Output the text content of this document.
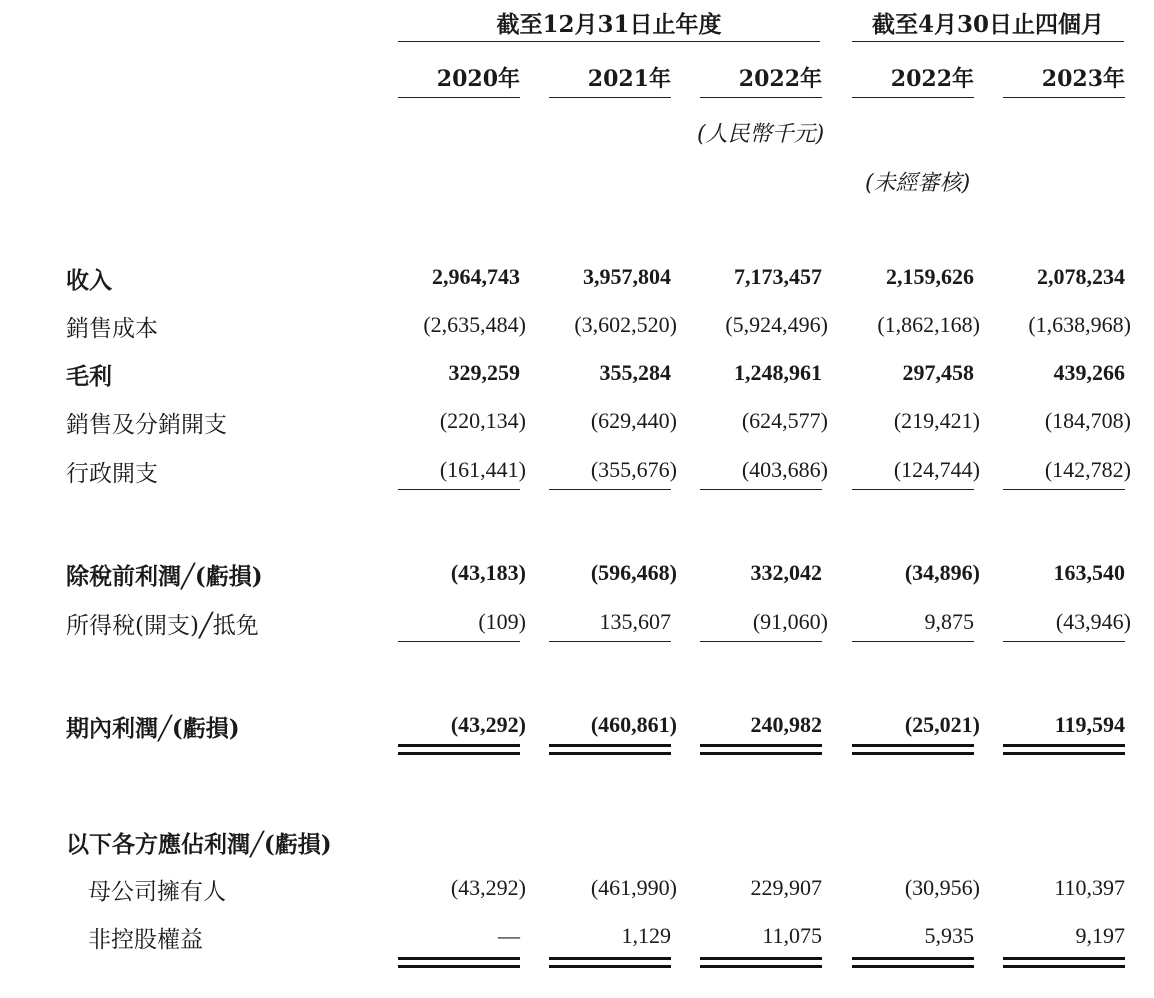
截至12月31日止年度	截至4月30日止四個月
2020年	2021年	2022年	2022年	2023年
(人民幣千元)
(未經審核)
收入	2,964,743	3,957,804	7,173,457	2,159,626	2,078,234
銷售成本	(2,635,484)	(3,602,520)	(5,924,496)	(1,862,168)	(1,638,968)
毛利	329,259	355,284	1,248,961	297,458	439,266
銷售及分銷開支	(220,134)	(629,440)	(624,577)	(219,421)	(184,708)
行政開支	(161,441)	(355,676)	(403,686)	(124,744)	(142,782)
除稅前利潤╱(虧損)	(43,183)	(596,468)	332,042	(34,896)	163,540
所得稅(開支)╱抵免	(109)	135,607	(91,060)	9,875	(43,946)
期內利潤╱(虧損)	(43,292)	(460,861)	240,982	(25,021)	119,594
以下各方應佔利潤╱(虧損)
母公司擁有人	(43,292)	(461,990)	229,907	(30,956)	110,397
非控股權益	—	1,129	11,075	5,935	9,197
